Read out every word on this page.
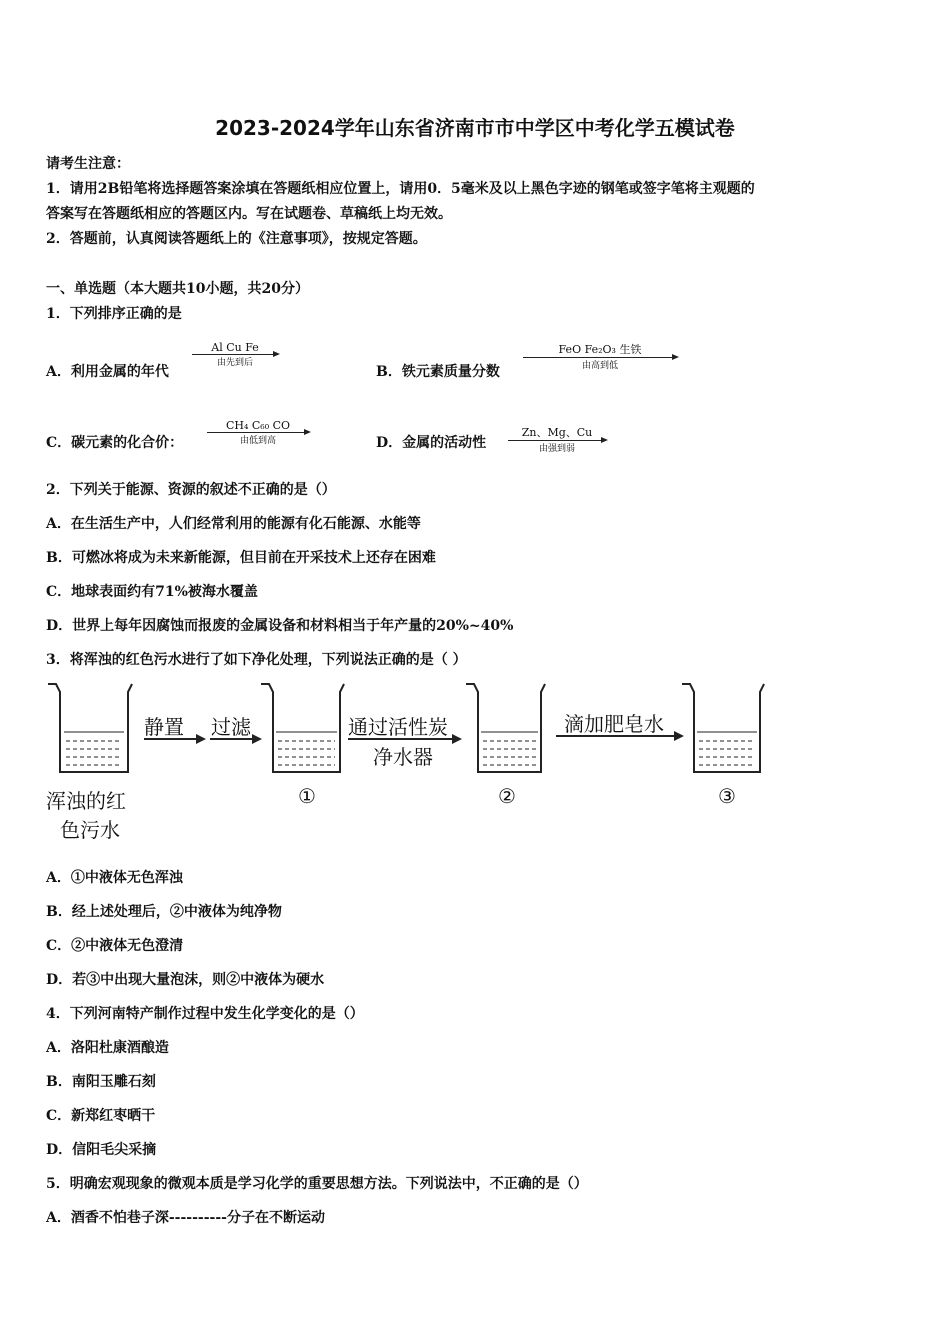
2023-2024学年山东省济南市市中学区中考化学五模试卷
请考生注意：
1．请用2B铅笔将选择题答案涂填在答题纸相应位置上，请用0．5毫米及以上黑色字迹的钢笔或签字笔将主观题的
答案写在答题纸相应的答题区内。写在试题卷、草稿纸上均无效。
2．答题前，认真阅读答题纸上的《注意事项》，按规定答题。
一、单选题（本大题共10小题，共20分）
1．下列排序正确的是
A．利用金属的年代
Al Cu Fe
由先到后
B．铁元素质量分数
FeO Fe₂O₃ 生铁
由高到低
C．碳元素的化合价：
CH₄ C₆₀ CO
由低到高	D．金属的活动性
Zn、Mg、Cu
由强到弱
2．下列关于能源、资源的叙述不正确的是（）
A．在生活生产中，人们经常利用的能源有化石能源、水能等
B．可燃冰将成为未来新能源，但目前在开采技术上还存在困难
C．地球表面约有71%被海水覆盖
D．世界上每年因腐蚀而报废的金属设备和材料相当于年产量的20%~40%
3．将浑浊的红色污水进行了如下净化处理，下列说法正确的是（ ）
静置 过滤	通过活性炭
净水器
滴加肥皂水
浑浊的红
色污水
①	②	③
A．①中液体无色浑浊
B．经上述处理后，②中液体为纯净物
C．②中液体无色澄清
D．若③中出现大量泡沫，则②中液体为硬水
4．下列河南特产制作过程中发生化学变化的是（）
A．洛阳杜康酒酿造
B．南阳玉雕石刻
C．新郑红枣晒干
D．信阳毛尖采摘
5．明确宏观现象的微观本质是学习化学的重要思想方法。下列说法中，不正确的是（）
A．酒香不怕巷子深----------分子在不断运动
